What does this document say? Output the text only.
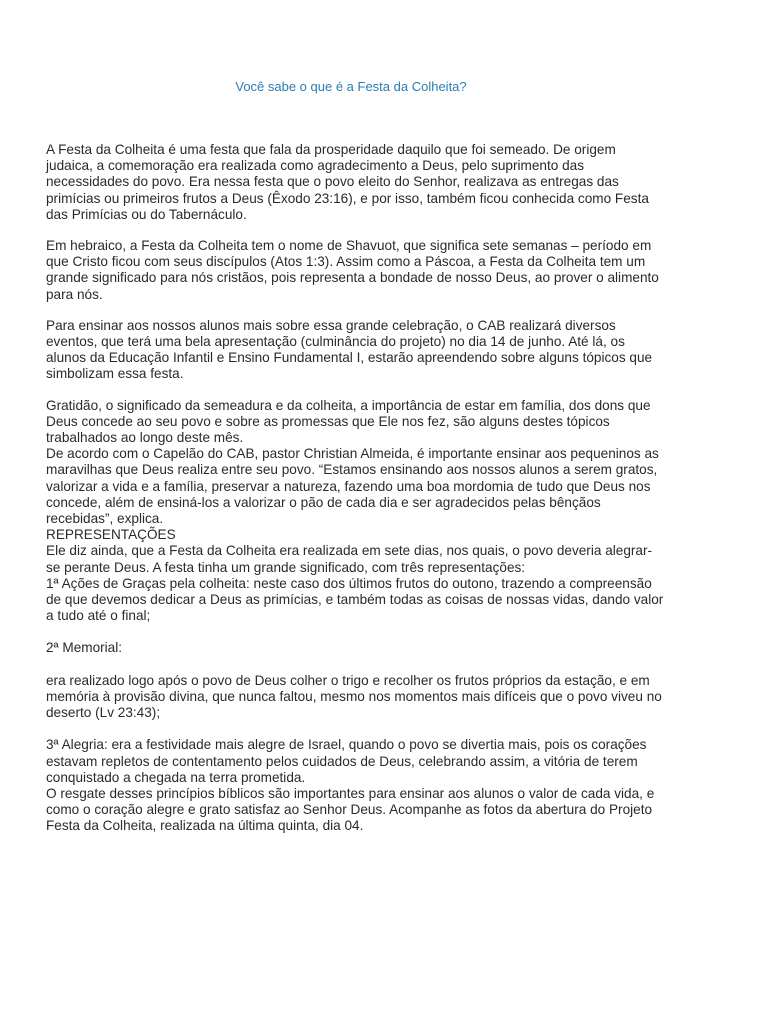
Você sabe o que é a Festa da Colheita?

A Festa da Colheita é uma festa que fala da prosperidade daquilo que foi semeado. De origem judaica, a comemoração era realizada como agradecimento a Deus, pelo suprimento das necessidades do povo. Era nessa festa que o povo eleito do Senhor, realizava as entregas das primícias ou primeiros frutos a Deus (Êxodo 23:16), e por isso, também ficou conhecida como Festa das Primícias ou do Tabernáculo.

Em hebraico, a Festa da Colheita tem o nome de Shavuot, que significa sete semanas – período em que Cristo ficou com seus discípulos (Atos 1:3). Assim como a Páscoa, a Festa da Colheita tem um grande significado para nós cristãos, pois representa a bondade de nosso Deus, ao prover o alimento para nós.

Para ensinar aos nossos alunos mais sobre essa grande celebração, o CAB realizará diversos eventos, que terá uma bela apresentação (culminância do projeto) no dia 14 de junho. Até lá, os alunos da Educação Infantil e Ensino Fundamental I, estarão apreendendo sobre alguns tópicos que simbolizam essa festa.

Gratidão, o significado da semeadura e da colheita, a importância de estar em família, dos dons que Deus concede ao seu povo e sobre as promessas que Ele nos fez, são alguns destes tópicos trabalhados ao longo deste mês.

De acordo com o Capelão do CAB, pastor Christian Almeida, é importante ensinar aos pequeninos as maravilhas que Deus realiza entre seu povo. “Estamos ensinando aos nossos alunos a serem gratos, valorizar a vida e a família, preservar a natureza, fazendo uma boa mordomia de tudo que Deus nos concede, além de ensiná-los a valorizar o pão de cada dia e ser agradecidos pelas bênçãos recebidas”, explica.

REPRESENTAÇÕES

Ele diz ainda, que a Festa da Colheita era realizada em sete dias, nos quais, o povo deveria alegrar-se perante Deus. A festa tinha um grande significado, com três representações:

1ª Ações de Graças pela colheita: neste caso dos últimos frutos do outono, trazendo a compreensão de que devemos dedicar a Deus as primícias, e também todas as coisas de nossas vidas, dando valor a tudo até o final;

2ª Memorial:

era realizado logo após o povo de Deus colher o trigo e recolher os frutos próprios da estação, e em memória à provisão divina, que nunca faltou, mesmo nos momentos mais difíceis que o povo viveu no deserto (Lv 23:43);

3ª Alegria: era a festividade mais alegre de Israel, quando o povo se divertia mais, pois os corações estavam repletos de contentamento pelos cuidados de Deus, celebrando assim, a vitória de terem conquistado a chegada na terra prometida.

O resgate desses princípios bíblicos são importantes para ensinar aos alunos o valor de cada vida, e como o coração alegre e grato satisfaz ao Senhor Deus. Acompanhe as fotos da abertura do Projeto Festa da Colheita, realizada na última quinta, dia 04.
